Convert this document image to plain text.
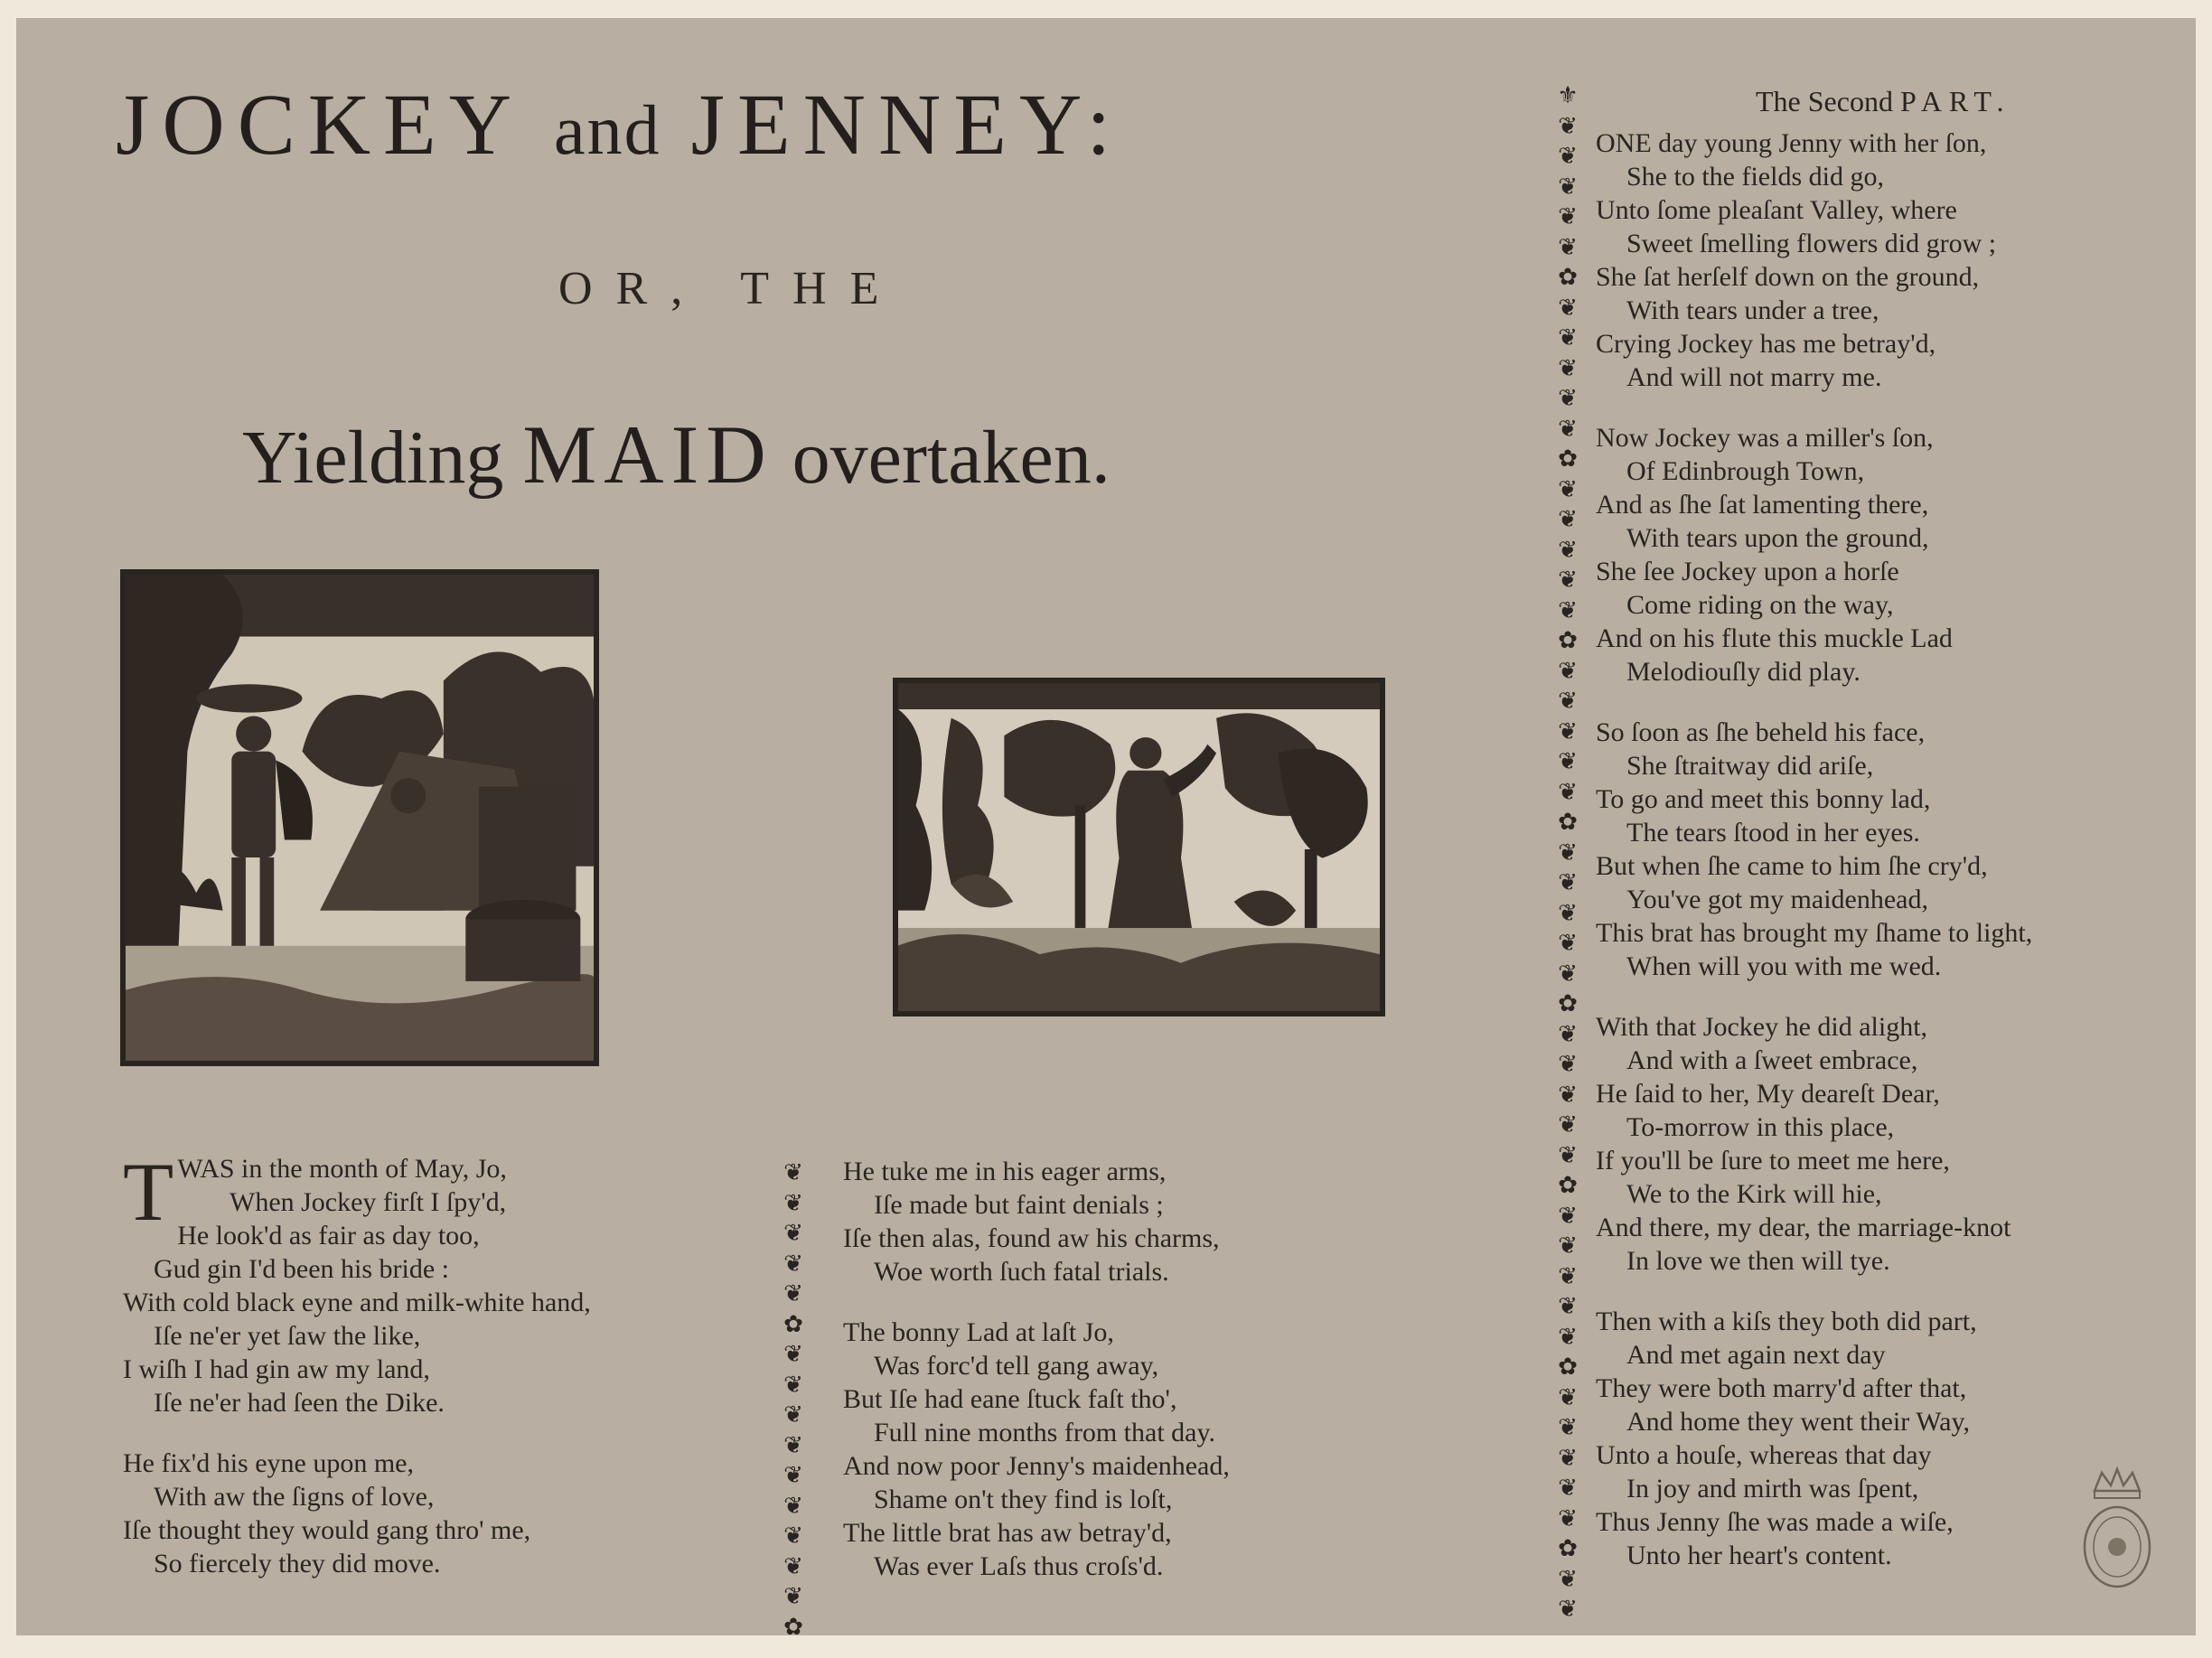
JOCKEY and JENNEY:
OR, THE
Yielding MAID overtaken.
T WAS in the month of May, Jo,
When Jockey firſt I ſpy'd,
He look'd as fair as day too,
Gud gin I'd been his bride :
With cold black eyne and milk-white hand,
Iſe ne'er yet ſaw the like,
I wiſh I had gin aw my land,
Iſe ne'er had ſeen the Dike.
He fix'd his eyne upon me,
With aw the ſigns of love,
Iſe thought they would gang thro' me,
So fiercely they did move.
❦
❦
❦
❦
❦
✿
❦
❦
❦
❦
❦
❦
❦
❦
❦
✿
He tuke me in his eager arms,
Iſe made but faint denials ;
Iſe then alas, found aw his charms,
Woe worth ſuch fatal trials.
The bonny Lad at laſt Jo,
Was forc'd tell gang away,
But Iſe had eane ſtuck faſt tho',
Full nine months from that day.
And now poor Jenny's maidenhead,
Shame on't they find is loſt,
The little brat has aw betray'd,
Was ever Laſs thus croſs'd.
⚜
❦
❦
❦
❦
❦
✿
❦
❦
❦
❦
❦
✿
❦
❦
❦
❦
❦
✿
❦
❦
❦
❦
❦
✿
❦
❦
❦
❦
❦
✿
❦
❦
❦
❦
❦
✿
❦
❦
❦
❦
❦
✿
❦
❦
❦
❦
❦
✿
❦
❦
The Second PART.
ONE day young Jenny with her ſon,
She to the fields did go,
Unto ſome pleaſant Valley, where
Sweet ſmelling flowers did grow ;
She ſat herſelf down on the ground,
With tears under a tree,
Crying Jockey has me betray'd,
And will not marry me.
Now Jockey was a miller's ſon,
Of Edinbrough Town,
And as ſhe ſat lamenting there,
With tears upon the ground,
She ſee Jockey upon a horſe
Come riding on the way,
And on his flute this muckle Lad
Melodiouſly did play.
So ſoon as ſhe beheld his face,
She ſtraitway did ariſe,
To go and meet this bonny lad,
The tears ſtood in her eyes.
But when ſhe came to him ſhe cry'd,
You've got my maidenhead,
This brat has brought my ſhame to light,
When will you with me wed.
With that Jockey he did alight,
And with a ſweet embrace,
He ſaid to her, My deareſt Dear,
To-morrow in this place,
If you'll be ſure to meet me here,
We to the Kirk will hie,
And there, my dear, the marriage-knot
In love we then will tye.
Then with a kiſs they both did part,
And met again next day
They were both marry'd after that,
And home they went their Way,
Unto a houſe, whereas that day
In joy and mirth was ſpent,
Thus Jenny ſhe was made a wiſe,
Unto her heart's content.
